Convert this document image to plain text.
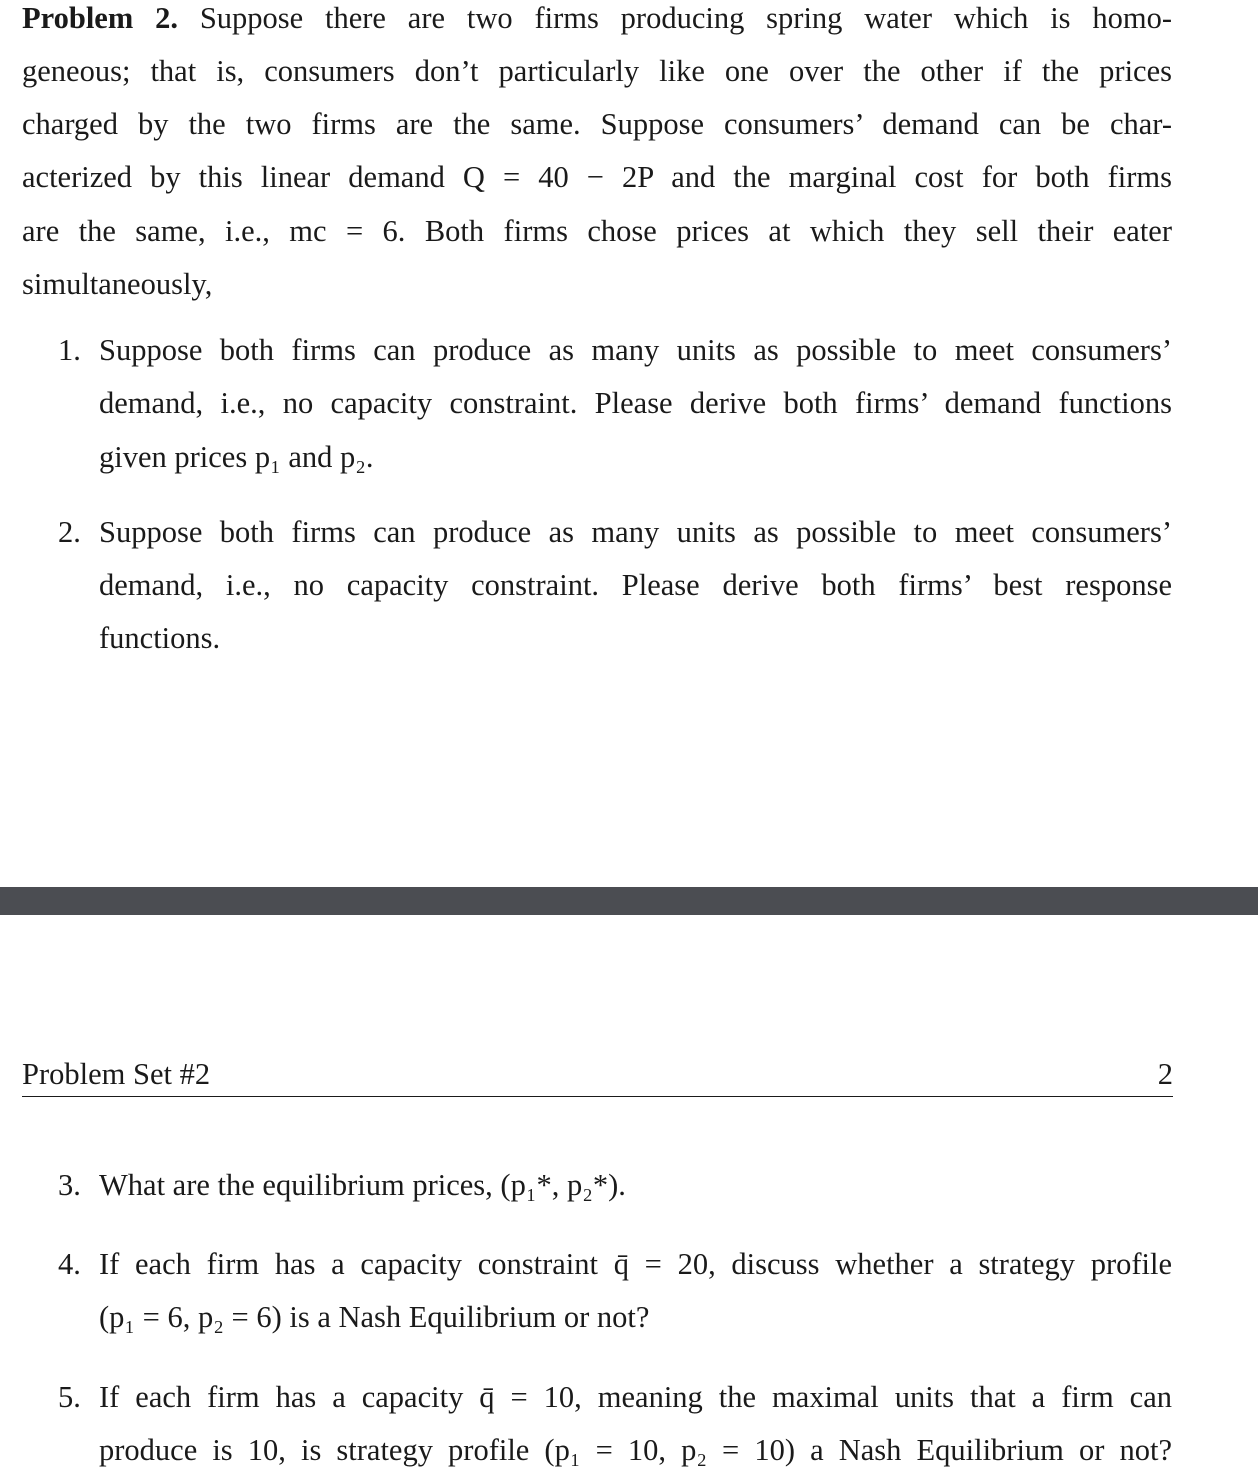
Problem 2. Suppose there are two firms producing spring water which is homo-
geneous; that is, consumers don’t particularly like one over the other if the prices
charged by the two firms are the same. Suppose consumers’ demand can be char-
acterized by this linear demand Q = 40 − 2P and the marginal cost for both firms
are the same, i.e., mc = 6. Both firms chose prices at which they sell their eater
simultaneously,
1. Suppose both firms can produce as many units as possible to meet consumers’
demand, i.e., no capacity constraint. Please derive both firms’ demand functions
given prices p₁ and p₂.
2. Suppose both firms can produce as many units as possible to meet consumers’
demand, i.e., no capacity constraint. Please derive both firms’ best response
functions.
Problem Set #2	2
3. What are the equilibrium prices, (p₁*, p₂*).
4. If each firm has a capacity constraint q̄ = 20, discuss whether a strategy profile
(p₁ = 6, p₂ = 6) is a Nash Equilibrium or not?
5. If each firm has a capacity q̄ = 10, meaning the maximal units that a firm can
produce is 10, is strategy profile (p₁ = 10, p₂ = 10) a Nash Equilibrium or not?
